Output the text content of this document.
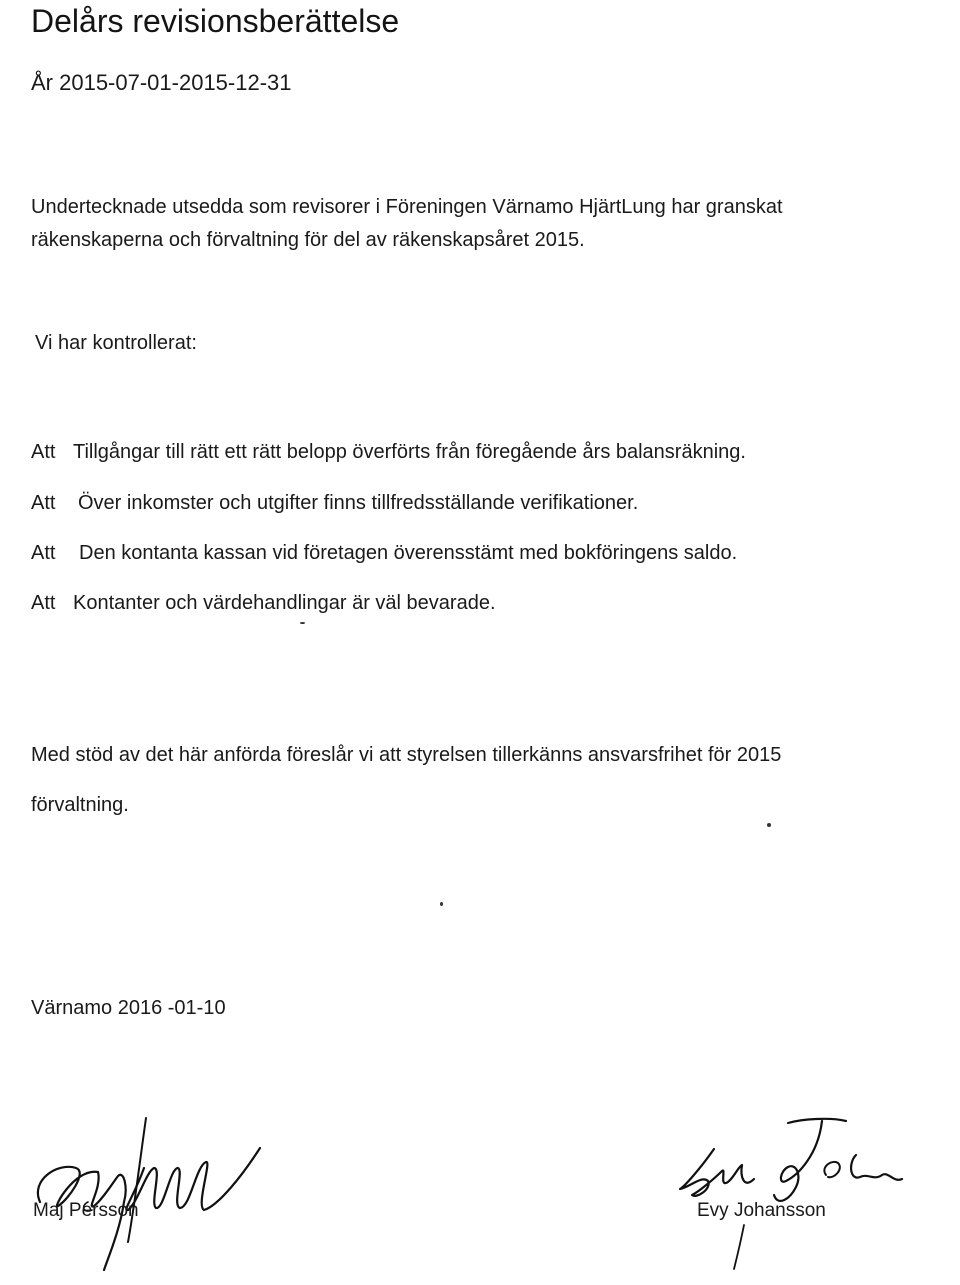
Delårs revisionsberättelse
År 2015-07-01-2015-12-31
Undertecknade utsedda som revisorer i Föreningen Värnamo HjärtLung har granskat
räkenskaperna och förvaltning för del av räkenskapsåret 2015.
Vi har kontrollerat:
Att Tillgångar till rätt ett rätt belopp överförts från föregående års balansräkning.
Att Över inkomster och utgifter finns tillfredsställande verifikationer.
Att Den kontanta kassan vid företagen överensstämt med bokföringens saldo.
Att Kontanter och värdehandlingar är väl bevarade.
Med stöd av det här anförda föreslår vi att styrelsen tillerkänns ansvarsfrihet för 2015
förvaltning.
Värnamo 2016 -01-10
Maj Persson	Evy Johansson
